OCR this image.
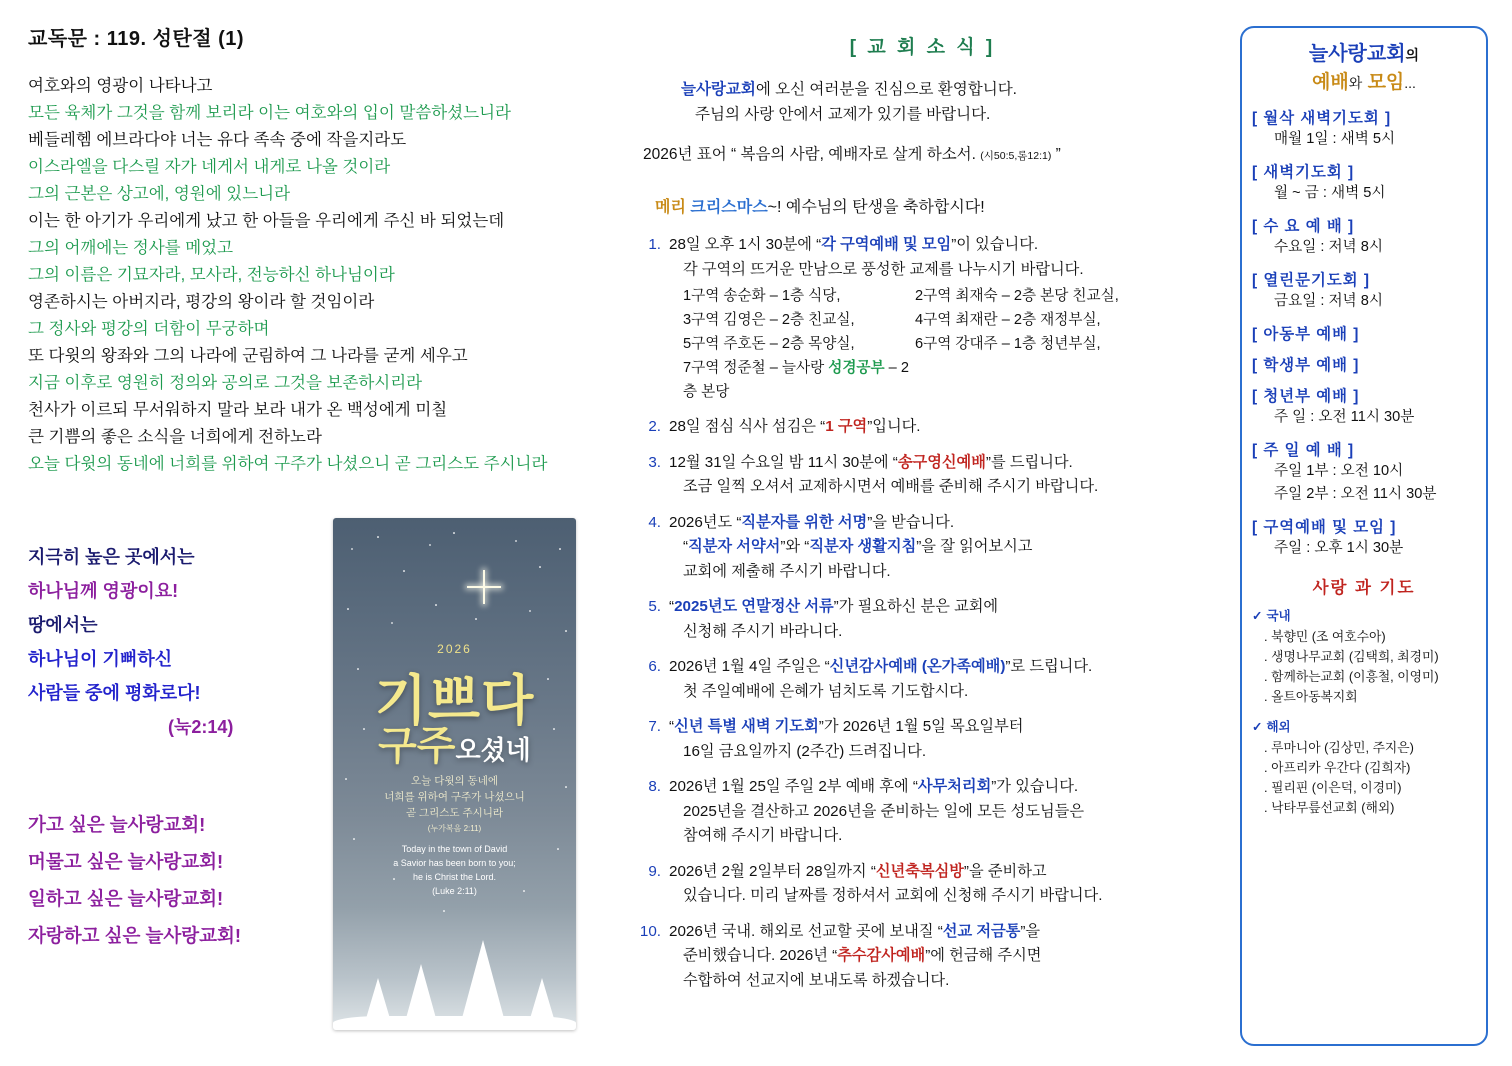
교독문 : 119. 성탄절 (1)
여호와의 영광이 나타나고
모든 육체가 그것을 함께 보리라 이는 여호와의 입이 말씀하셨느니라
베들레헴 에브라다야 너는 유다 족속 중에 작을지라도
이스라엘을 다스릴 자가 네게서 내게로 나올 것이라
그의 근본은 상고에, 영원에 있느니라
이는 한 아기가 우리에게 났고 한 아들을 우리에게 주신 바 되었는데
그의 어깨에는 정사를 메었고
그의 이름은 기묘자라, 모사라, 전능하신 하나님이라
영존하시는 아버지라, 평강의 왕이라 할 것임이라
그 정사와 평강의 더함이 무궁하며
또 다윗의 왕좌와 그의 나라에 군림하여 그 나라를 굳게 세우고
지금 이후로 영원히 정의와 공의로 그것을 보존하시리라
천사가 이르되 무서워하지 말라 보라 내가 온 백성에게 미칠
큰 기쁨의 좋은 소식을 너희에게 전하노라
오늘 다윗의 동네에 너희를 위하여 구주가 나셨으니 곧 그리스도 주시니라
지극히 높은 곳에서는
하나님께 영광이요!
땅에서는
하나님이 기뻐하신
사람들 중에 평화로다!
(눅2:14)
가고 싶은 늘사랑교회!
머물고 싶은 늘사랑교회!
일하고 싶은 늘사랑교회!
자랑하고 싶은 늘사랑교회!
2026
기쁘다
구주오셨네
오늘 다윗의 동네에
너희를 위하여 구주가 나셨으니
곧 그리스도 주시니라
(누가복음 2:11)
Today in the town of David
a Savior has been born to you;
he is Christ the Lord.
(Luke 2:11)
[ 교 회 소 식 ]
늘사랑교회에 오신 여러분을 진심으로 환영합니다.
주님의 사랑 안에서 교제가 있기를 바랍니다.
2026년 표어 “ 복음의 사람, 예배자로 살게 하소서. (시50:5,롬12:1) ”
메리 크리스마스~! 예수님의 탄생을 축하합시다!
1. 28일 오후 1시 30분에 “각 구역예배 및 모임”이 있습니다.
각 구역의 뜨거운 만남으로 풍성한 교제를 나누시기 바랍니다.
1구역 송순화 – 1층 식당,	2구역 최재숙 – 2층 본당 친교실,
3구역 김영은 – 2층 친교실,	4구역 최재란 – 2층 재정부실,
5구역 주호돈 – 2층 목양실,	6구역 강대주 – 1층 청년부실,
7구역 정준철 – 늘사랑 성경공부 – 2층 본당
2. 28일 점심 식사 섬김은 “1 구역”입니다.
3. 12월 31일 수요일 밤 11시 30분에 “송구영신예배”를 드립니다.
조금 일찍 오셔서 교제하시면서 예배를 준비해 주시기 바랍니다.
4. 2026년도 “직분자를 위한 서명”을 받습니다.
“직분자 서약서”와 “직분자 생활지침”을 잘 읽어보시고
교회에 제출해 주시기 바랍니다.
5. “2025년도 연말정산 서류”가 필요하신 분은 교회에
신청해 주시기 바라니다.
6. 2026년 1월 4일 주일은 “신년감사예배 (온가족예배)”로 드립니다.
첫 주일예배에 은혜가 넘치도록 기도합시다.
7. “신년 특별 새벽 기도회”가 2026년 1월 5일 목요일부터
16일 금요일까지 (2주간) 드려집니다.
8. 2026년 1월 25일 주일 2부 예배 후에 “사무처리회”가 있습니다.
2025년을 결산하고 2026년을 준비하는 일에 모든 성도님들은
참여해 주시기 바랍니다.
9. 2026년 2월 2일부터 28일까지 “신년축복심방”을 준비하고
있습니다. 미리 날짜를 정하셔서 교회에 신청해 주시기 바랍니다.
10. 2026년 국내. 해외로 선교할 곳에 보내질 “선교 저금통”을
준비했습니다. 2026년 “추수감사예배”에 헌금해 주시면
수합하여 선교지에 보내도록 하겠습니다.
늘사랑교회의
예배와 모임...
[ 월삭 새벽기도회 ]
매월 1일 : 새벽 5시
[ 새벽기도회 ]
월 ~ 금 : 새벽 5시
[ 수 요 예 배 ]
수요일 : 저녁 8시
[ 열린문기도회 ]
금요일 : 저녁 8시
[ 아동부 예배 ]
[ 학생부 예배 ]
[ 청년부 예배 ]
주 일 : 오전 11시 30분
[ 주 일 예 배 ]
주일 1부 : 오전 10시
주일 2부 : 오전 11시 30분
[ 구역예배 및 모임 ]
주일 : 오후 1시 30분
사랑 과 기도
✓ 국내
. 북향민 (조 여호수아)
. 생명나무교회 (김택희, 최경미)
. 함께하는교회 (이흥철, 이영미)
. 올트아동복지회
✓ 해외
. 루마니아 (김상민, 주지은)
. 아프리카 우간다 (김희자)
. 필리핀 (이은덕, 이경미)
. 낙타무릎선교회 (해외)
